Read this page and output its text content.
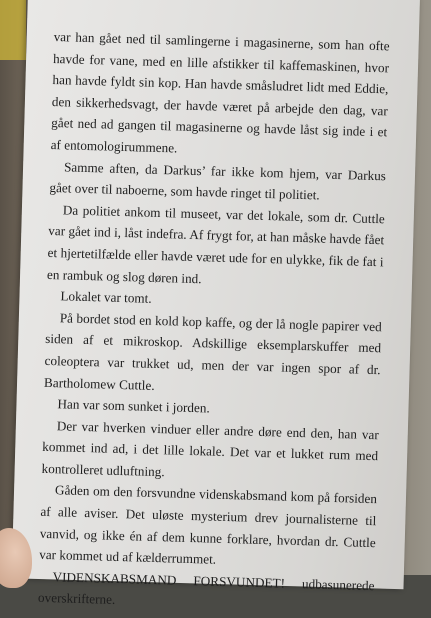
var han gået ned til samlingerne i magasinerne, som han ofte havde for vane, med en lille afstikker til kaffemaskinen, hvor han havde fyldt sin kop. Han havde småsludret lidt med Eddie, den sikkerhedsvagt, der havde været på arbejde den dag, var gået ned ad gangen til magasinerne og havde låst sig inde i et af entomologirummene.

Samme aften, da Darkus’ far ikke kom hjem, var Darkus gået over til naboerne, som havde ringet til politiet.

Da politiet ankom til museet, var det lokale, som dr. Cuttle var gået ind i, låst indefra. Af frygt for, at han måske havde fået et hjertetilfælde eller havde været ude for en ulykke, fik de fat i en rambuk og slog døren ind.

Lokalet var tomt.

På bordet stod en kold kop kaffe, og der lå nogle papirer ved siden af et mikroskop. Adskillige eksemplarskuffer med coleoptera var trukket ud, men der var ingen spor af dr. Bartholomew Cuttle.

Han var som sunket i jorden.

Der var hverken vinduer eller andre døre end den, han var kommet ind ad, i det lille lokale. Det var et lukket rum med kontrolleret udluftning.

Gåden om den forsvundne videnskabsmand kom på forsiden af alle aviser. Det uløste mysterium drev journalisterne til vanvid, og ikke én af dem kunne forklare, hvordan dr. Cuttle var kommet ud af kælderrummet.

VIDENSKABSMAND FORSVUNDET! udbasunerede overskrifterne.
